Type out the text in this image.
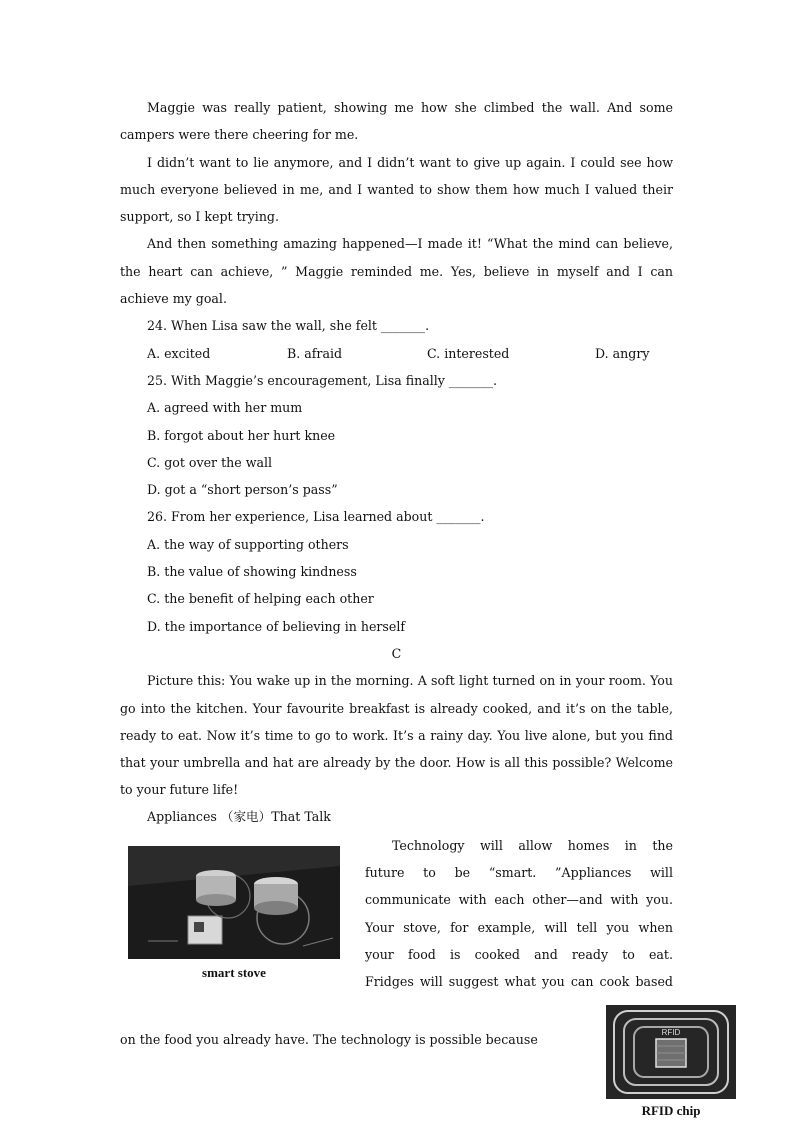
Maggie was really patient, showing me how she climbed the wall. And some campers were there cheering for me.

I didn’t want to lie anymore, and I didn’t want to give up again. I could see how much everyone believed in me, and I wanted to show them how much I valued their support, so I kept trying.

And then something amazing happened—I made it! “What the mind can believe, the heart can achieve, ” Maggie reminded me. Yes, believe in myself and I can achieve my goal.

24. When Lisa saw the wall, she felt _______.

A. excited	B. afraid	C. interested	D. angry

25. With Maggie’s encouragement, Lisa finally _______.

A. agreed with her mum

B. forgot about her hurt knee

C. got over the wall

D. got a “short person’s pass”

26. From her experience, Lisa learned about _______.

A. the way of supporting others

B. the value of showing kindness

C. the benefit of helping each other

D. the importance of believing in herself

C

Picture this: You wake up in the morning. A soft light turned on in your room. You go into the kitchen. Your favourite breakfast is already cooked, and it’s on the table, ready to eat. Now it’s time to go to work. It’s a rainy day. You live alone, but you find that your umbrella and hat are already by the door. How is all this possible? Welcome to your future life!

Appliances （家电）That Talk

smart stove

Technology will allow homes in the

future to be “smart. ”Appliances will

communicate with each other—and with you.

Your stove, for example, will tell you when

your food is cooked and ready to eat.

Fridges will suggest what you can cook based

on the food you already have. The technology is possible because	RFID
RFID chip
